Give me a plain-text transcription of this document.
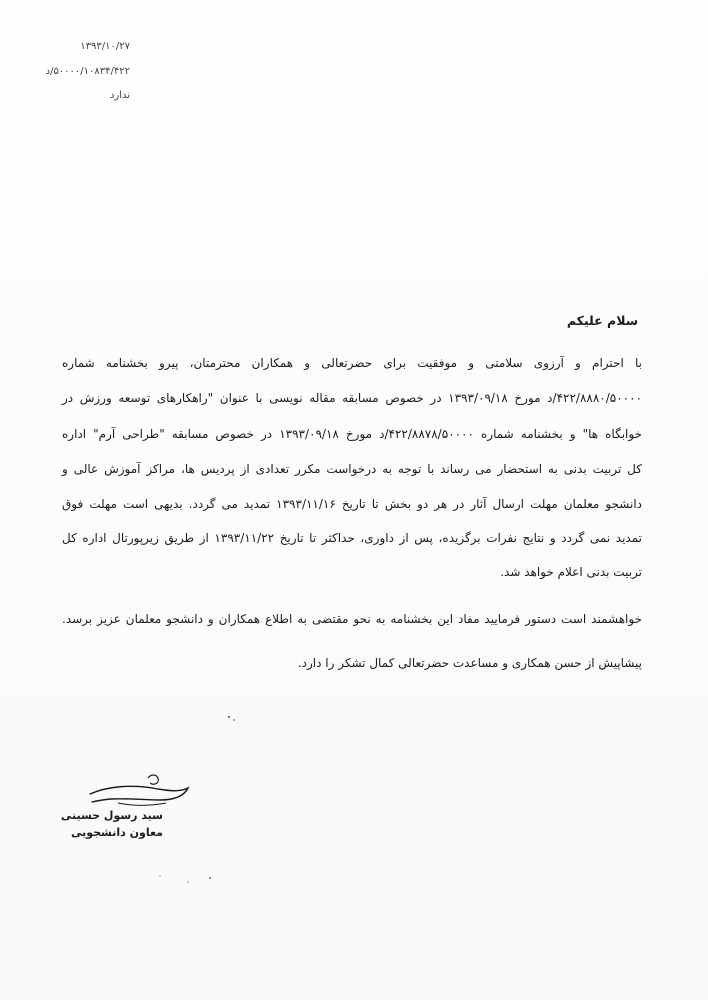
۱۳۹۳/۱۰/۲۷
۵۰۰۰۰/۱۰۸۳۴/۴۲۲/د
ندارد
سلام علیکم
با احترام و آرزوی سلامتی و موفقیت برای حضرتعالی و همکاران محترمتان، پیرو بخشنامه شماره
۴۲۲/۸۸۸۰/۵۰۰۰۰/د مورخ ۱۳۹۳/۰۹/۱۸ در خصوص مسابقه مقاله نویسی با عنوان "راهکارهای توسعه ورزش در
خوابگاه ها" و بخشنامه شماره ۴۲۲/۸۸۷۸/۵۰۰۰۰/د مورخ ۱۳۹۳/۰۹/۱۸ در خصوص مسابقه "طراحی آرم" اداره
کل تربیت بدنی به استحضار می رساند با توجه به درخواست مکرر تعدادی از پردیس ها، مراکز آموزش عالی و
دانشجو معلمان مهلت ارسال آثار در هر دو بخش تا تاریخ ۱۳۹۳/۱۱/۱۶ تمدید می گردد. بدیهی است مهلت فوق
تمدید نمی گردد و نتایج نفرات برگزیده، پس از داوری، حداکثر تا تاریخ ۱۳۹۳/۱۱/۲۲ از طریق زیرپورتال اداره کل
تربیت بدنی اعلام خواهد شد.
خواهشمند است دستور فرمایید مفاد این بخشنامه به نحو مقتضی به اطلاع همکاران و دانشجو معلمان عزیز برسد.
پیشاپیش از حسن همکاری و مساعدت حضرتعالی کمال تشکر را دارد.
سید رسول حسینی
معاون دانشجویی
